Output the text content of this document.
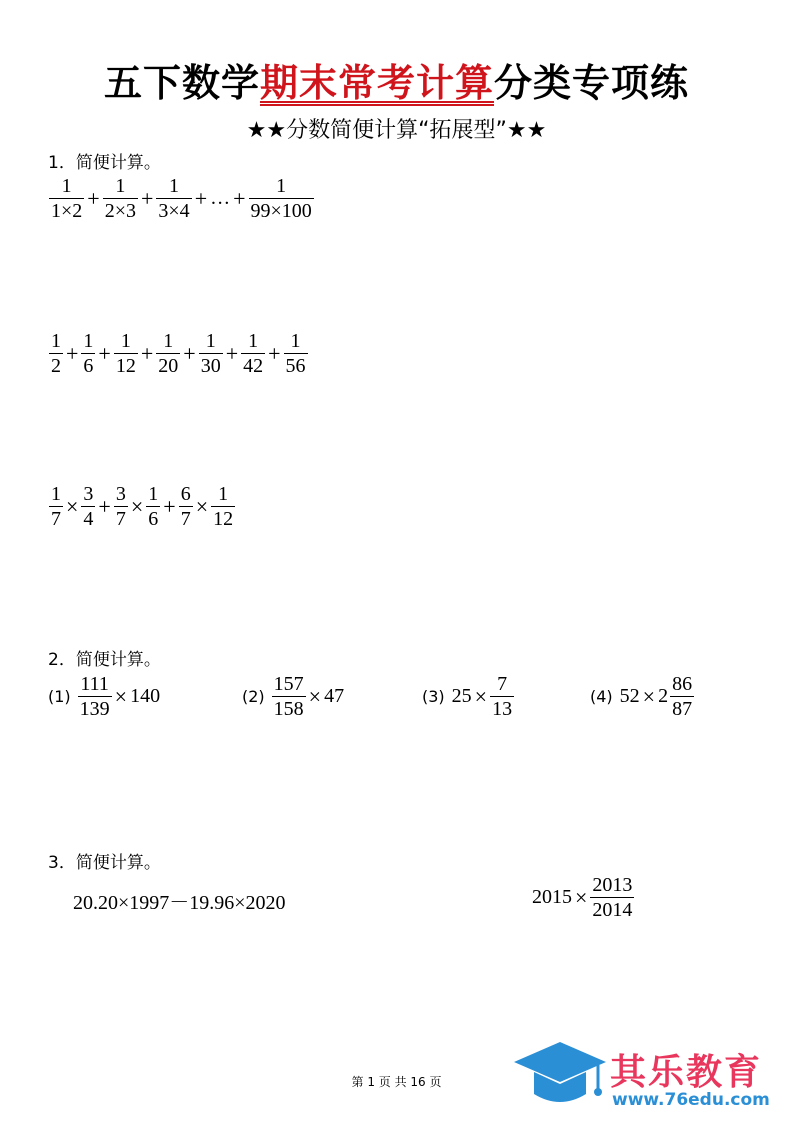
五下数学期末常考计算分类专项练
★★分数简便计算“拓展型”★★
1．简便计算。
$\frac{1}{1\times 2} + \frac{1}{2\times 3} + \frac{1}{3\times 4}$ + … + $\frac{1}{99\times 100}$
$\frac{1}{2} + \frac{1}{6} + \frac{1}{12} + \frac{1}{20} + \frac{1}{30} + \frac{1}{42} + \frac{1}{56}$
$\frac{1}{7} \times \frac{3}{4} + \frac{3}{7} \times \frac{1}{6} + \frac{6}{7} \times \frac{1}{12}$
2．简便计算。
$(1) \frac{111}{139} \times 140$	$(2) \frac{157}{158} \times 47$	(3) $25 \times \frac{7}{13}$	(4) $52 \times 2 \frac{86}{87}$
3．简便计算。
20.20×1997－19.96×2020	$2015 \times \frac{2013}{2014}$
第 1 页 共 16 页	其乐教育
www.76edu.com
